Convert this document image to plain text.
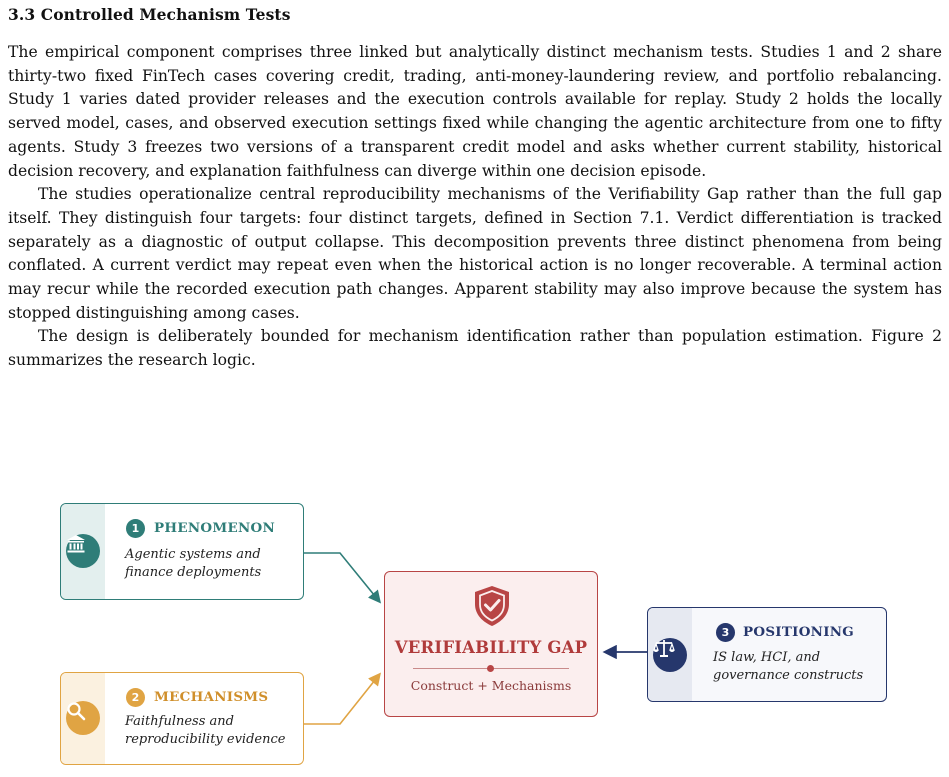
3.3 Controlled Mechanism Tests

The empirical component comprises three linked but analytically distinct mechanism tests. Studies 1 and 2 share thirty-two fixed FinTech cases covering credit, trading, anti-money-laundering review, and portfolio rebalancing. Study 1 varies dated provider releases and the execution controls available for replay. Study 2 holds the locally served model, cases, and observed execution settings fixed while changing the agentic architecture from one to fifty agents. Study 3 freezes two versions of a transparent credit model and asks whether current stability, historical decision recovery, and explanation faithfulness can diverge within one decision episode.

The studies operationalize central reproducibility mechanisms of the Verifiability Gap rather than the full gap itself. They distinguish four targets: four distinct targets, defined in Section 7.1. Verdict differentiation is tracked separately as a diagnostic of output collapse. This decomposition prevents three distinct phenomena from being conflated. A current verdict may repeat even when the historical action is no longer recoverable. A terminal action may recur while the recorded execution path changes. Apparent stability may also improve because the system has stopped distinguishing among cases.

The design is deliberately bounded for mechanism identification rather than population estimation. Figure 2 summarizes the research logic.

1	PHENOMENON
Agentic systems and
finance deployments
2	MECHANISMS
Faithfulness and
reproducibility evidence
VERIFIABILITY GAP
Construct + Mechanisms
3	POSITIONING
IS law, HCI, and
governance constructs
